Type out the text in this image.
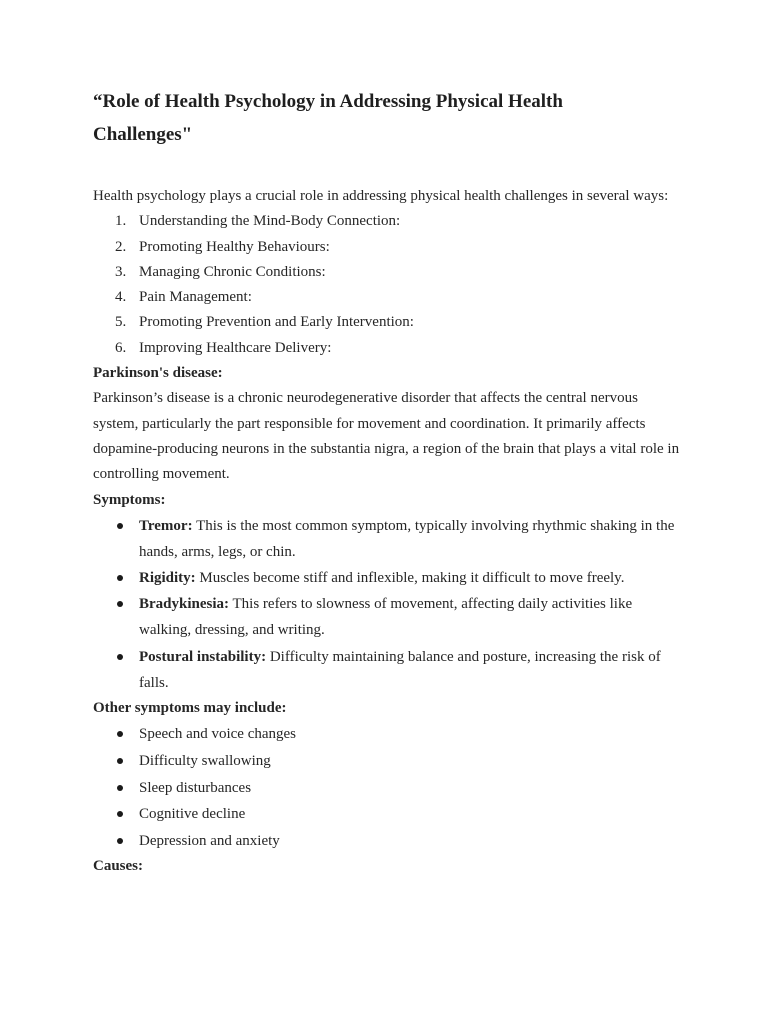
“Role of Health Psychology in Addressing Physical Health Challenges"

Health psychology plays a crucial role in addressing physical health challenges in several ways:

1. Understanding the Mind-Body Connection:
2. Promoting Healthy Behaviours:
3. Managing Chronic Conditions:
4. Pain Management:
5. Promoting Prevention and Early Intervention:
6. Improving Healthcare Delivery:

Parkinson's disease:

Parkinson’s disease is a chronic neurodegenerative disorder that affects the central nervous system, particularly the part responsible for movement and coordination. It primarily affects dopamine-producing neurons in the substantia nigra, a region of the brain that plays a vital role in controlling movement.

Symptoms:

Tremor: This is the most common symptom, typically involving rhythmic shaking in the hands, arms, legs, or chin.
Rigidity: Muscles become stiff and inflexible, making it difficult to move freely.
Bradykinesia: This refers to slowness of movement, affecting daily activities like walking, dressing, and writing.
Postural instability: Difficulty maintaining balance and posture, increasing the risk of falls.

Other symptoms may include:

Speech and voice changes
Difficulty swallowing
Sleep disturbances
Cognitive decline
Depression and anxiety

Causes:
